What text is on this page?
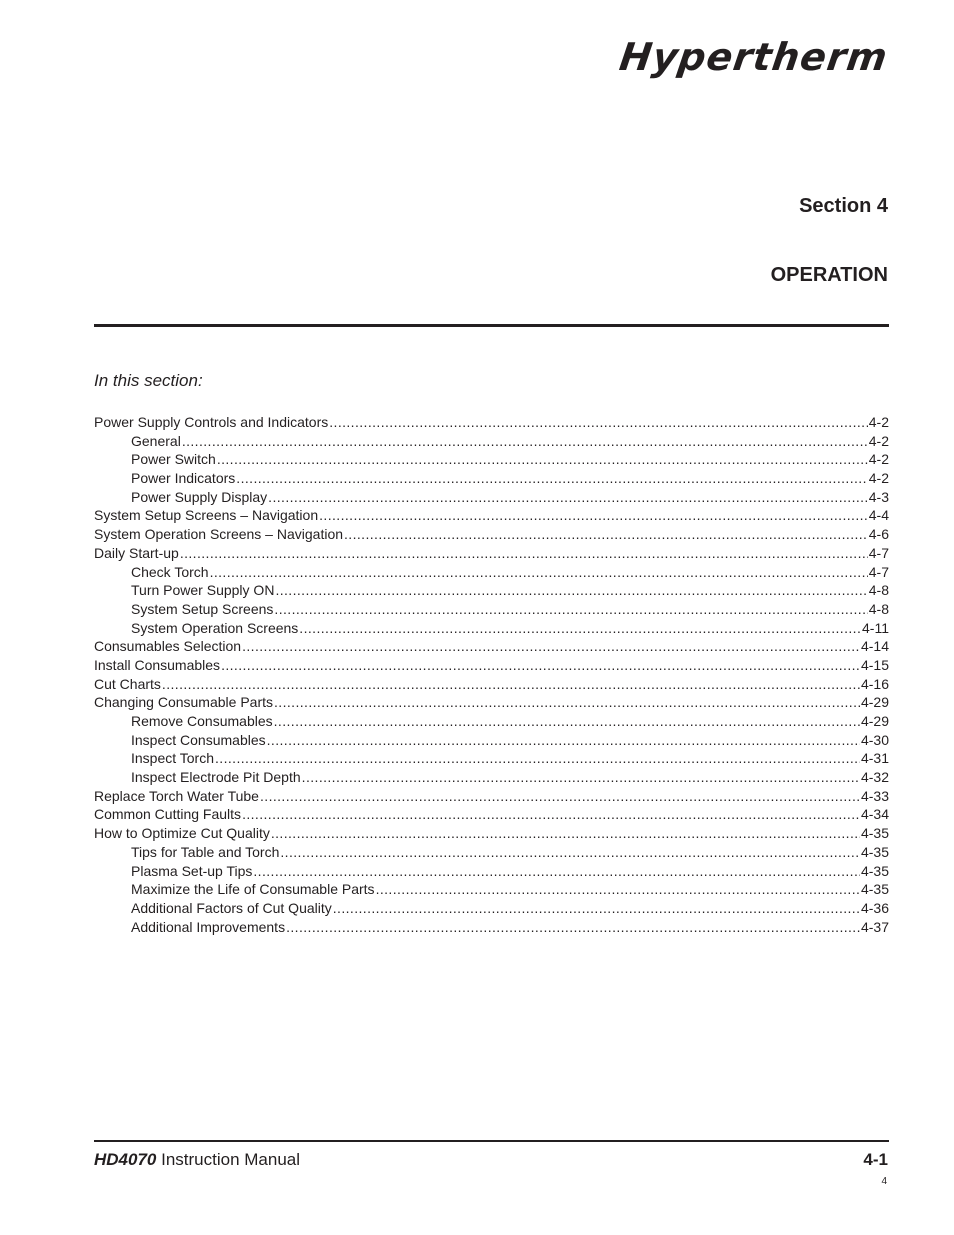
Hypertherm
Section 4
OPERATION
In this section:
Power Supply Controls and Indicators .....	4-2
General .....	4-2
Power Switch .....	4-2
Power Indicators .....	4-2
Power Supply Display .....	4-3
System Setup Screens – Navigation .....	4-4
System Operation Screens – Navigation .....	4-6
Daily Start-up .....	4-7
Check Torch .....	4-7
Turn Power Supply ON .....	4-8
System Setup Screens .....	4-8
System Operation Screens .....	4-11
Consumables Selection .....	4-14
Install Consumables .....	4-15
Cut Charts .....	4-16
Changing Consumable Parts .....	4-29
Remove Consumables .....	4-29
Inspect Consumables .....	4-30
Inspect Torch .....	4-31
Inspect Electrode Pit Depth .....	4-32
Replace Torch Water Tube .....	4-33
Common Cutting Faults .....	4-34
How to Optimize Cut Quality .....	4-35
Tips for Table and Torch .....	4-35
Plasma Set-up Tips .....	4-35
Maximize the Life of Consumable Parts .....	4-35
Additional Factors of Cut Quality .....	4-36
Additional Improvements .....	4-37
HD4070 Instruction Manual	4-1
4
